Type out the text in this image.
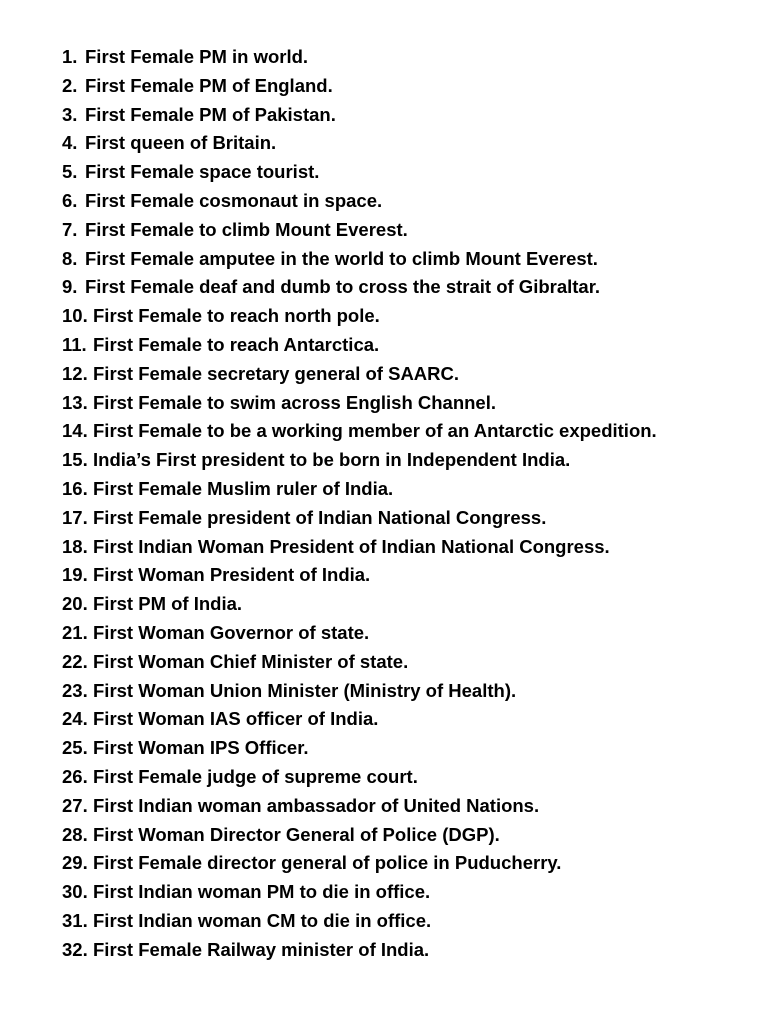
1. First Female PM in world.
2. First Female PM of England.
3. First Female PM of Pakistan.
4. First queen of Britain.
5. First Female space tourist.
6. First Female cosmonaut in space.
7. First Female to climb Mount Everest.
8. First Female amputee in the world to climb Mount Everest.
9. First Female deaf and dumb to cross the strait of Gibraltar.
10. First Female to reach north pole.
11. First Female to reach Antarctica.
12. First Female secretary general of SAARC.
13. First Female to swim across English Channel.
14. First Female to be a working member of an Antarctic expedition.
15. India’s First president to be born in Independent India.
16. First Female Muslim ruler of India.
17. First Female president of Indian National Congress.
18. First Indian Woman President of Indian National Congress.
19. First Woman President of India.
20. First PM of India.
21. First Woman Governor of state.
22. First Woman Chief Minister of state.
23. First Woman Union Minister (Ministry of Health).
24. First Woman IAS officer of India.
25. First Woman IPS Officer.
26. First Female judge of supreme court.
27. First Indian woman ambassador of United Nations.
28. First Woman Director General of Police (DGP).
29. First Female director general of police in Puducherry.
30. First Indian woman PM to die in office.
31. First Indian woman CM to die in office.
32. First Female Railway minister of India.
